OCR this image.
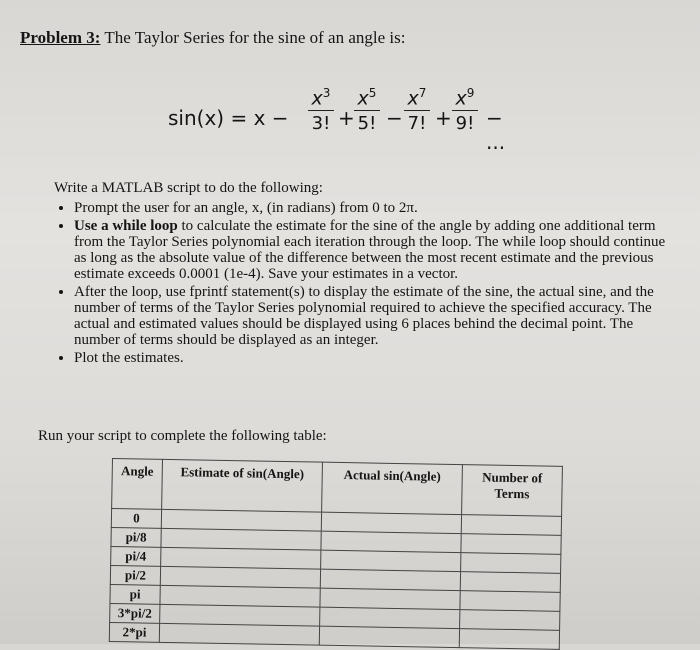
Problem 3: The Taylor Series for the sine of an angle is:
sin(x) = x −
$x^3$
3! +
$x^5$
5! −
$x^7$
7! +
$x^9$
9! − ...

Write a MATLAB script to do the following:

• Prompt the user for an angle, x, (in radians) from 0 to 2π.
• Use a while loop to calculate the estimate for the sine of the angle by adding one additional term from the Taylor Series polynomial each iteration through the loop. The while loop should continue as long as the absolute value of the difference between the most recent estimate and the previous estimate exceeds 0.0001 (1e-4). Save your estimates in a vector.
• After the loop, use fprintf statement(s) to display the estimate of the sine, the actual sine, and the number of terms of the Taylor Series polynomial required to achieve the specified accuracy. The actual and estimated values should be displayed using 6 places behind the decimal point. The number of terms should be displayed as an integer.
• Plot the estimates.
Run your script to complete the following table:
Angle	Estimate of sin(Angle)	Actual sin(Angle)	Number of Terms
0			
pi/8			
pi/4			
pi/2			
pi			
3*pi/2			
2*pi			
